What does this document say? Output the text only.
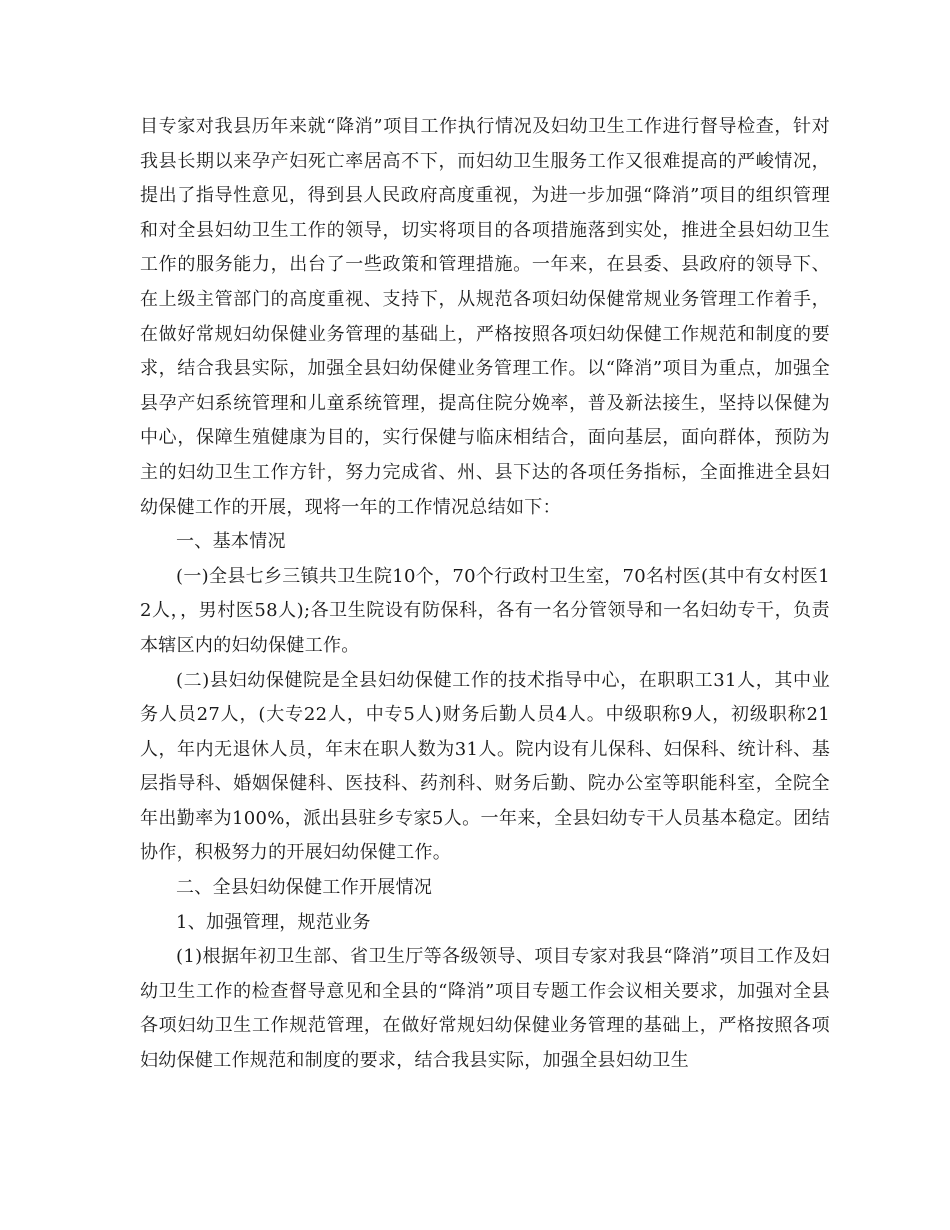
目专家对我县历年来就“降消”项目工作执行情况及妇幼卫生工作进行督导检查，针对我县长期以来孕产妇死亡率居高不下，而妇幼卫生服务工作又很难提高的严峻情况，提出了指导性意见，得到县人民政府高度重视，为进一步加强“降消”项目的组织管理和对全县妇幼卫生工作的领导，切实将项目的各项措施落到实处，推进全县妇幼卫生工作的服务能力，出台了一些政策和管理措施。一年来，在县委、县政府的领导下、在上级主管部门的高度重视、支持下，从规范各项妇幼保健常规业务管理工作着手，在做好常规妇幼保健业务管理的基础上，严格按照各项妇幼保健工作规范和制度的要求，结合我县实际，加强全县妇幼保健业务管理工作。以“降消”项目为重点，加强全县孕产妇系统管理和儿童系统管理，提高住院分娩率，普及新法接生，坚持以保健为中心，保障生殖健康为目的，实行保健与临床相结合，面向基层，面向群体，预防为主的妇幼卫生工作方针，努力完成省、州、县下达的各项任务指标，全面推进全县妇幼保健工作的开展，现将一年的工作情况总结如下：

一、基本情况

(一)全县七乡三镇共卫生院10个，70个行政村卫生室，70名村医(其中有女村医12人，，男村医58人);各卫生院设有防保科，各有一名分管领导和一名妇幼专干，负责本辖区内的妇幼保健工作。

(二)县妇幼保健院是全县妇幼保健工作的技术指导中心，在职职工31人，其中业务人员27人，(大专22人，中专5人)财务后勤人员4人。中级职称9人，初级职称21人，年内无退休人员，年末在职人数为31人。院内设有儿保科、妇保科、统计科、基层指导科、婚姻保健科、医技科、药剂科、财务后勤、院办公室等职能科室，全院全年出勤率为100%，派出县驻乡专家5人。一年来，全县妇幼专干人员基本稳定。团结协作，积极努力的开展妇幼保健工作。

二、全县妇幼保健工作开展情况

1、加强管理，规范业务

(1)根据年初卫生部、省卫生厅等各级领导、项目专家对我县“降消”项目工作及妇幼卫生工作的检查督导意见和全县的“降消”项目专题工作会议相关要求，加强对全县各项妇幼卫生工作规范管理，在做好常规妇幼保健业务管理的基础上，严格按照各项妇幼保健工作规范和制度的要求，结合我县实际，加强全县妇幼卫生
